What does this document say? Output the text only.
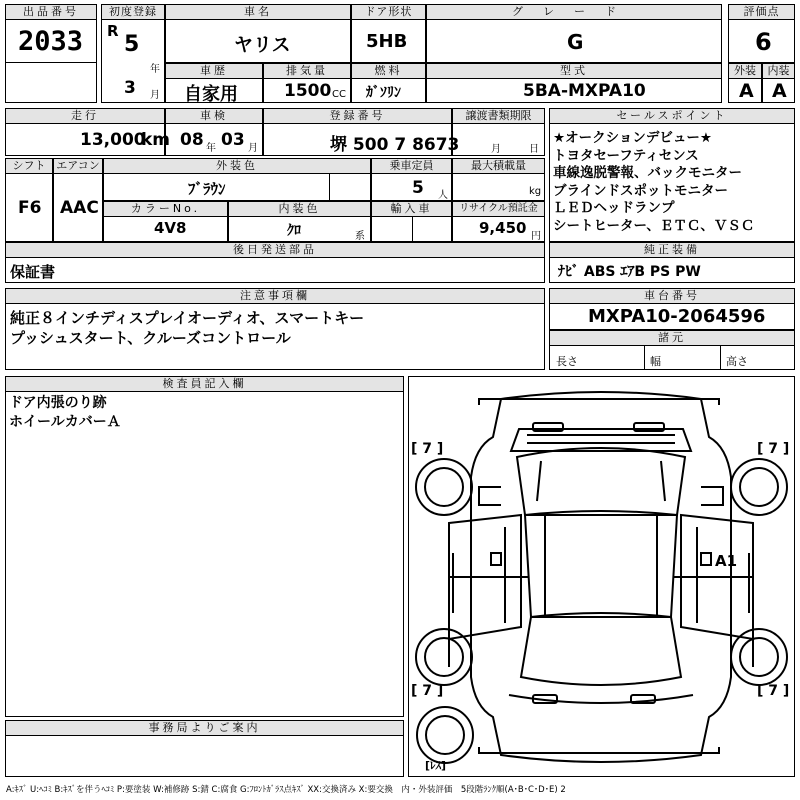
出品番号
2033
初度登録
R
5
年
3 月
車名
ヤリス
ドア形状
5HB
グレード
G
評価点
6
車歴
自家用
排気量
1500 CC
燃料
ｶﾞｿﾘﾝ
型式
5BA-MXPA10
外装
A
内装
A
走行
13,000
km
車検
08 年 03 月
登録番号
堺 500 7 8673
譲渡書類期限
月	日
シフト
F6
エアコン
AAC
外装色
ﾌﾞﾗｳﾝ
乗車定員
5 人
最大積載量
kg
カラーNo.
4V8
内装色
ｸﾛ	系
輸入車	リサイクル預託金
9,450 円
後日発送部品
保証書
セールスポイント
★オークションデビュー★
トヨタセーフティセンス
車線逸脱警報、バックモニター
ブラインドスポットモニター
ＬＥＤヘッドランプ
シートヒーター、ＥＴＣ、ＶＳＣ
純正装備
ﾅﾋﾞ ABS ｴｱB PS PW
注意事項欄
純正８インチディスプレイオーディオ、スマートキー
プッシュスタート、クルーズコントロール
車台番号
MXPA10-2064596
諸元
長さ	幅	高さ
検査員記入欄
ドア内張のり跡
ホイールカバーＡ
事務局よりご案内
[ 7 ]	[ 7 ]
[ 7 ]	[ 7 ]
A1
[ﾚｽ]
A:ｷｽﾞ U:ﾍｺﾐ B:ｷｽﾞを伴うﾍｺﾐ P:要塗装 W:補修跡 S:錆 C:腐食 G:ﾌﾛﾝﾄｶﾞﾗｽ点ｷｽﾞ XX:交換済み X:要交換　内・外装評価　5段階ﾗﾝｸ順(A･B･C･D･E) 2
